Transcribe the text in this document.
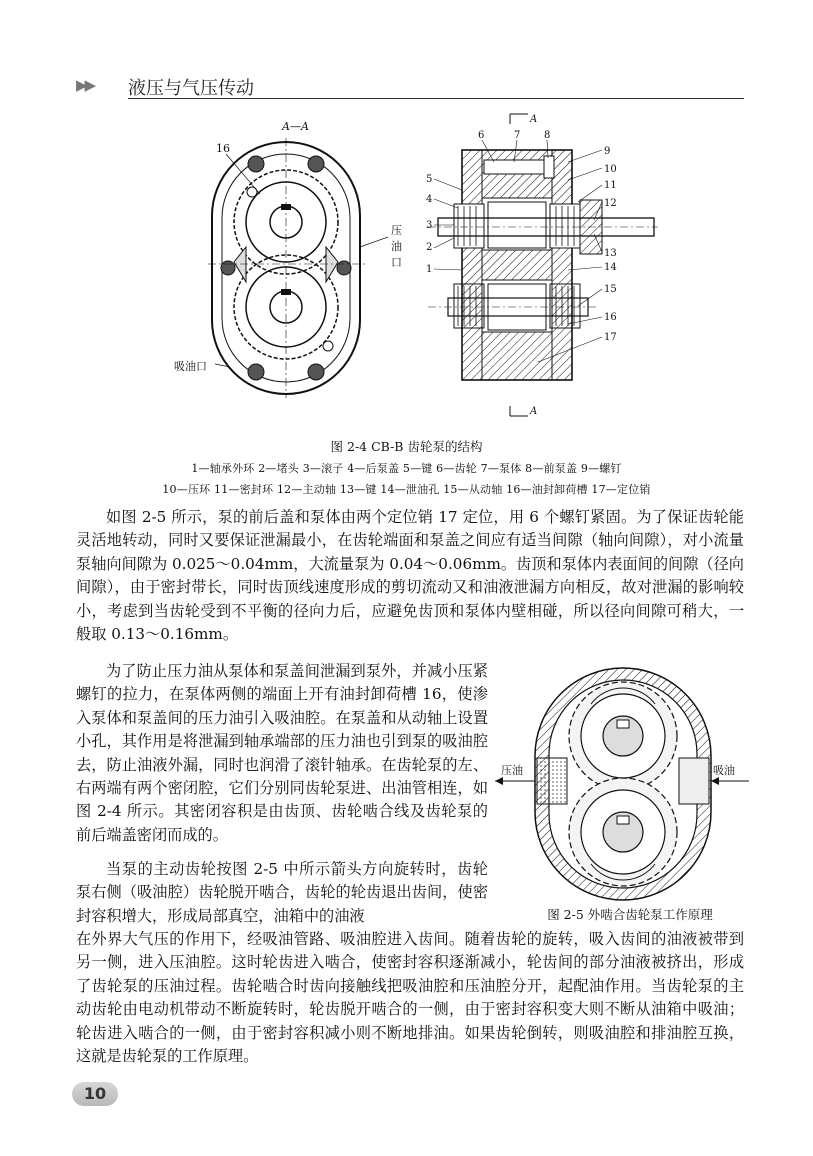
▶▶ 液压与气压传动
A—A
16
压
油
口
吸油口
A
A
6	7 8
9
10
11
12
5
4
3
2
1
13
14
15
16
17
图 2-4 CB-B 齿轮泵的结构
1—轴承外环 2—堵头 3—滚子 4—后泵盖 5—键 6—齿轮 7—泵体 8—前泵盖 9—螺钉
10—压环 11—密封环 12—主动轴 13—键 14—泄油孔 15—从动轴 16—油封卸荷槽 17—定位销

如图 2-5 所示，泵的前后盖和泵体由两个定位销 17 定位，用 6 个螺钉紧固。为了保证齿轮能灵活地转动，同时又要保证泄漏最小，在齿轮端面和泵盖之间应有适当间隙（轴向间隙），对小流量泵轴向间隙为 0.025～0.04mm，大流量泵为 0.04～0.06mm。齿顶和泵体内表面间的间隙（径向间隙），由于密封带长，同时齿顶线速度形成的剪切流动又和油液泄漏方向相反，故对泄漏的影响较小，考虑到当齿轮受到不平衡的径向力后，应避免齿顶和泵体内壁相碰，所以径向间隙可稍大，一般取 0.13～0.16mm。

为了防止压力油从泵体和泵盖间泄漏到泵外，并减小压紧螺钉的拉力，在泵体两侧的端面上开有油封卸荷槽 16，使渗入泵体和泵盖间的压力油引入吸油腔。在泵盖和从动轴上设置小孔，其作用是将泄漏到轴承端部的压力油也引到泵的吸油腔去，防止油液外漏，同时也润滑了滚针轴承。在齿轮泵的左、右两端有两个密闭腔，它们分别同齿轮泵进、出油管相连，如图 2-4 所示。其密闭容积是由齿顶、齿轮啮合线及齿轮泵的前后端盖密闭而成的。

当泵的主动齿轮按图 2-5 中所示箭头方向旋转时，齿轮泵右侧（吸油腔）齿轮脱开啮合，齿轮的轮齿退出齿间，使密封容积增大，形成局部真空，油箱中的油液

在外界大气压的作用下，经吸油管路、吸油腔进入齿间。随着齿轮的旋转，吸入齿间的油液被带到另一侧，进入压油腔。这时轮齿进入啮合，使密封容积逐渐减小，轮齿间的部分油液被挤出，形成了齿轮泵的压油过程。齿轮啮合时齿向接触线把吸油腔和压油腔分开，起配油作用。当齿轮泵的主动齿轮由电动机带动不断旋转时，轮齿脱开啮合的一侧，由于密封容积变大则不断从油箱中吸油；轮齿进入啮合的一侧，由于密封容积减小则不断地排油。如果齿轮倒转，则吸油腔和排油腔互换，这就是齿轮泵的工作原理。

压油	吸油
图 2-5 外啮合齿轮泵工作原理
10
